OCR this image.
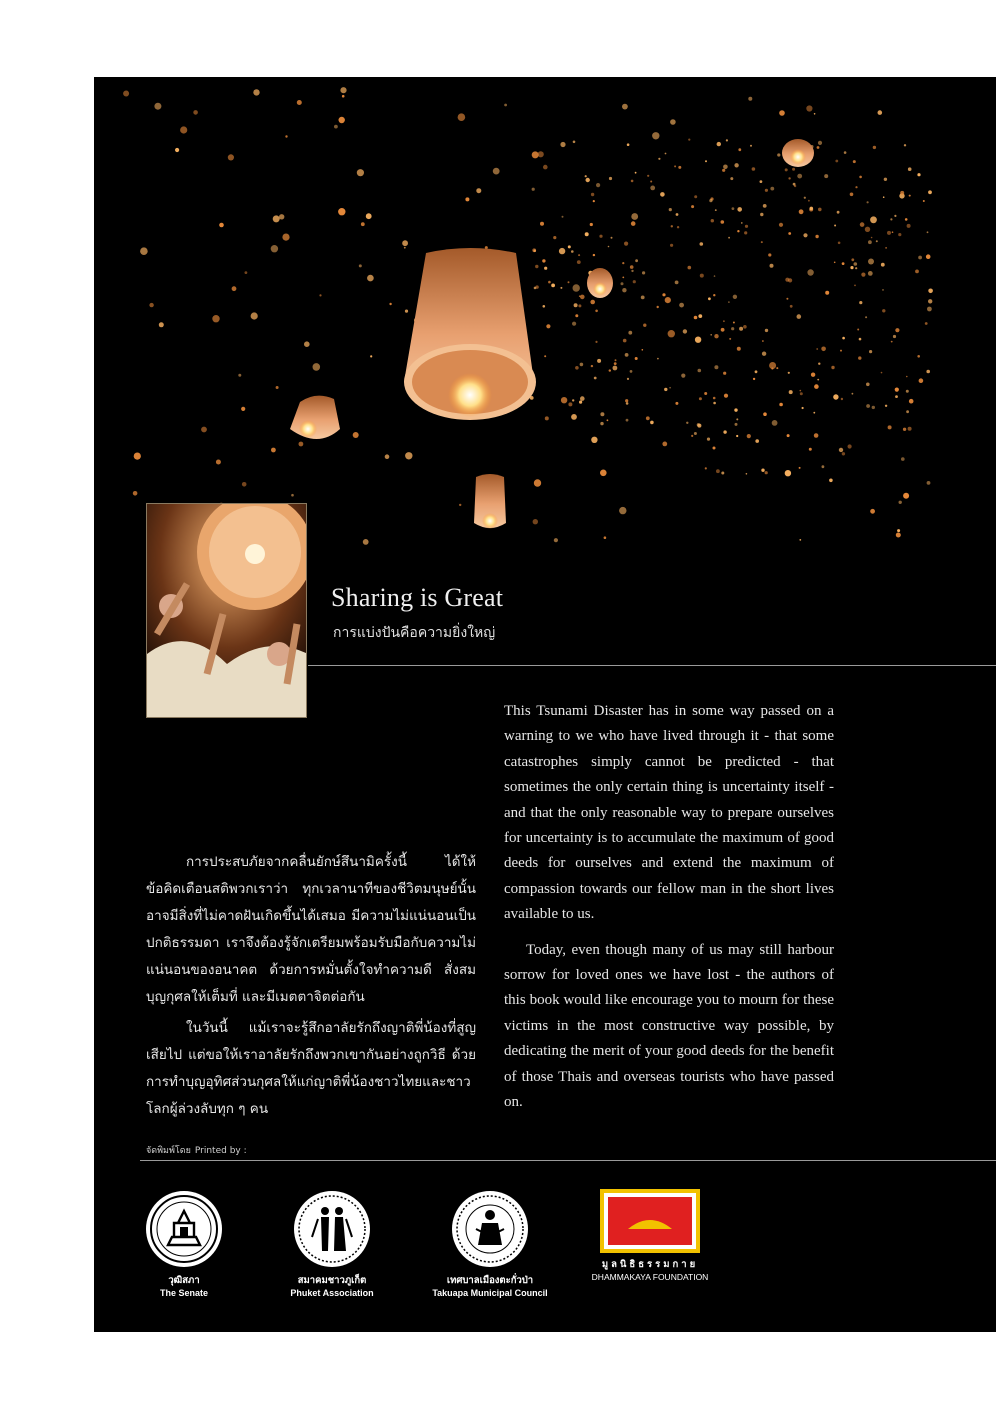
Sharing is Great
การแบ่งปันคือความยิ่งใหญ่

This Tsunami Disaster has in some way passed on a warning to we who have lived through it - that some catastrophes simply cannot be predicted - that sometimes the only certain thing is uncertainty itself - and that the only reasonable way to prepare ourselves for uncertainty is to accumulate the maximum of good deeds for ourselves and extend the maximum of compassion towards our fellow man in the short lives available to us.

Today, even though many of us may still harbour sorrow for loved ones we have lost - the authors of this book would like encourage you to mourn for these victims in the most constructive way possible, by dedicating the merit of your good deeds for the benefit of those Thais and overseas tourists who have passed on.

การประสบภัยจากคลื่นยักษ์สึนามิครั้งนี้ ได้ให้ข้อคิดเตือนสติพวกเราว่า ทุกเวลานาทีของชีวิตมนุษย์นั้น อาจมีสิ่งที่ไม่คาดฝันเกิดขึ้นได้เสมอ มีความไม่แน่นอนเป็นปกติธรรมดา เราจึงต้องรู้จักเตรียมพร้อมรับมือกับความไม่แน่นอนของอนาคต ด้วยการหมั่นตั้งใจทำความดี สั่งสมบุญกุศลให้เต็มที่ และมีเมตตาจิตต่อกัน

ในวันนี้ แม้เราจะรู้สึกอาลัยรักถึงญาติพี่น้องที่สูญเสียไป แต่ขอให้เราอาลัยรักถึงพวกเขากันอย่างถูกวิธี ด้วยการทำบุญอุทิศส่วนกุศลให้แก่ญาติพี่น้องชาวไทยและชาวโลกผู้ล่วงลับทุก ๆ คน

จัดพิมพ์โดย Printed by :
วุฒิสภา
The Senate
สมาคมชาวภูเก็ต
Phuket Association
เทศบาลเมืองตะกั่วป่า
Takuapa Municipal Council
มูลนิธิธรรมกาย
DHAMMAKAYA FOUNDATION
